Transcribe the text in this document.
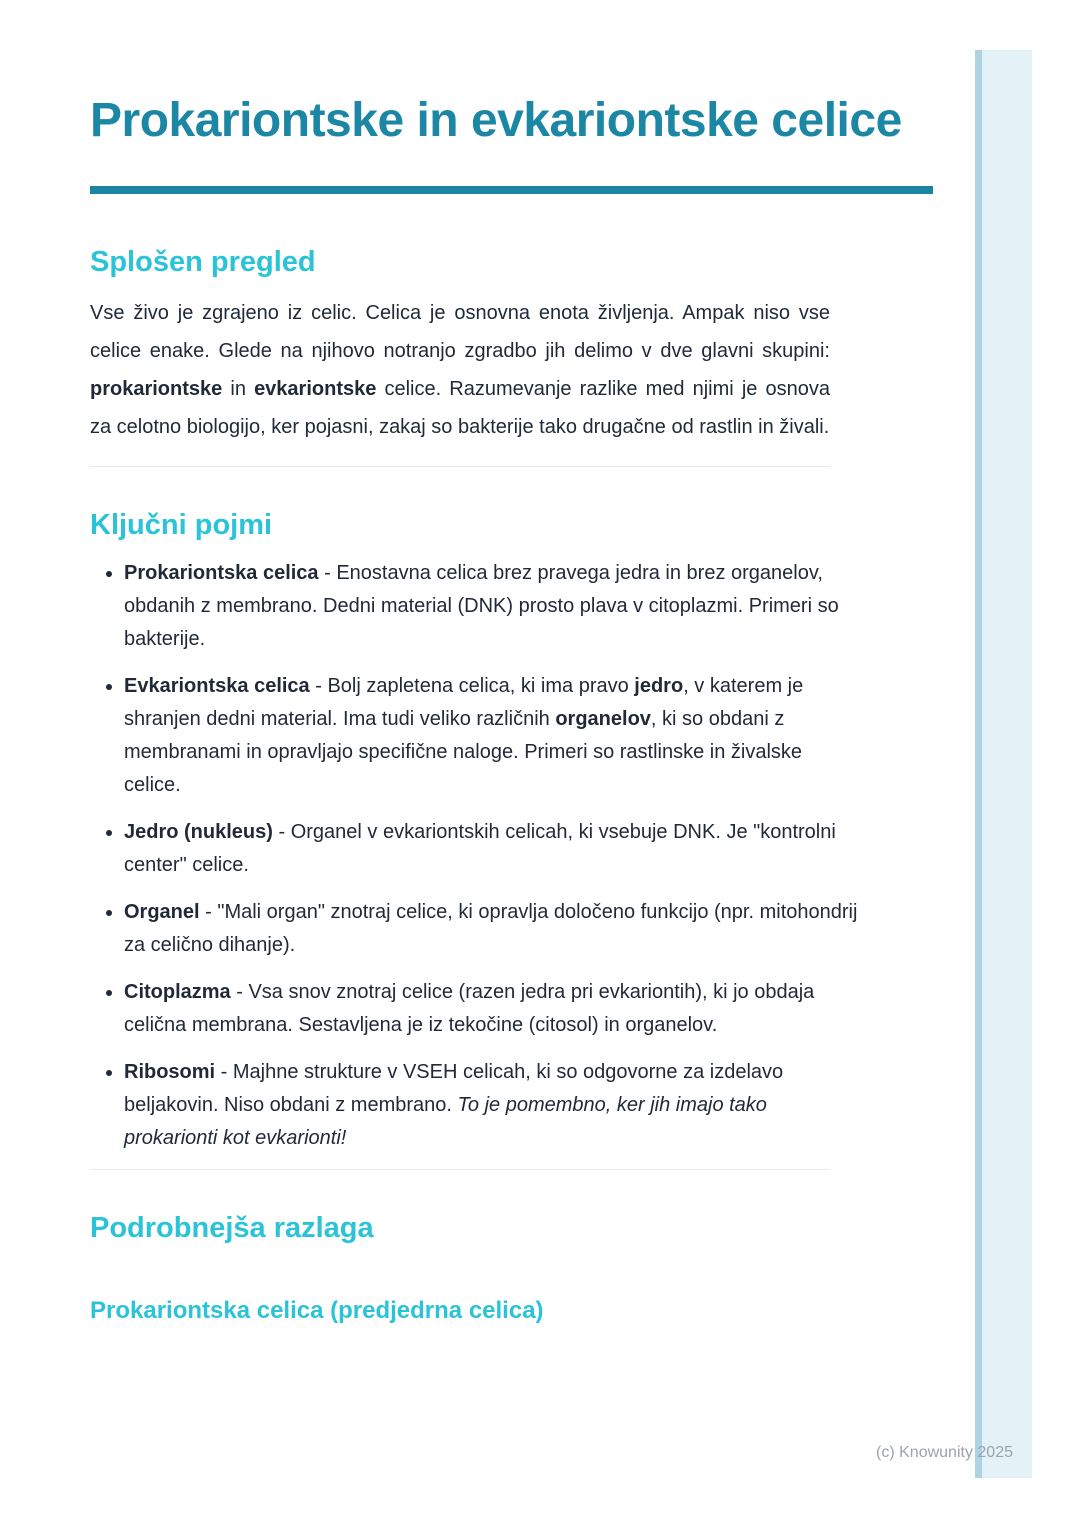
Prokariontske in evkariontske celice
Splošen pregled

Vse živo je zgrajeno iz celic. Celica je osnovna enota življenja. Ampak niso vse celice enake. Glede na njihovo notranjo zgradbo jih delimo v dve glavni skupini: prokariontske in evkariontske celice. Razumevanje razlike med njimi je osnova za celotno biologijo, ker pojasni, zakaj so bakterije tako drugačne od rastlin in živali.

Ključni pojmi
• Prokariontska celica - Enostavna celica brez pravega jedra in brez organelov, obdanih z membrano. Dedni material (DNK) prosto plava v citoplazmi. Primeri so bakterije.
• Evkariontska celica - Bolj zapletena celica, ki ima pravo jedro, v katerem je shranjen dedni material. Ima tudi veliko različnih organelov, ki so obdani z membranami in opravljajo specifične naloge. Primeri so rastlinske in živalske celice.
• Jedro (nukleus) - Organel v evkariontskih celicah, ki vsebuje DNK. Je "kontrolni center" celice.
• Organel - "Mali organ" znotraj celice, ki opravlja določeno funkcijo (npr. mitohondrij za celično dihanje).
• Citoplazma - Vsa snov znotraj celice (razen jedra pri evkariontih), ki jo obdaja celična membrana. Sestavljena je iz tekočine (citosol) in organelov.
• Ribosomi - Majhne strukture v VSEH celicah, ki so odgovorne za izdelavo beljakovin. Niso obdani z membrano. To je pomembno, ker jih imajo tako prokarionti kot evkarionti!
Podrobnejša razlaga
Prokariontska celica (predjedrna celica)
(c) Knowunity 2025
